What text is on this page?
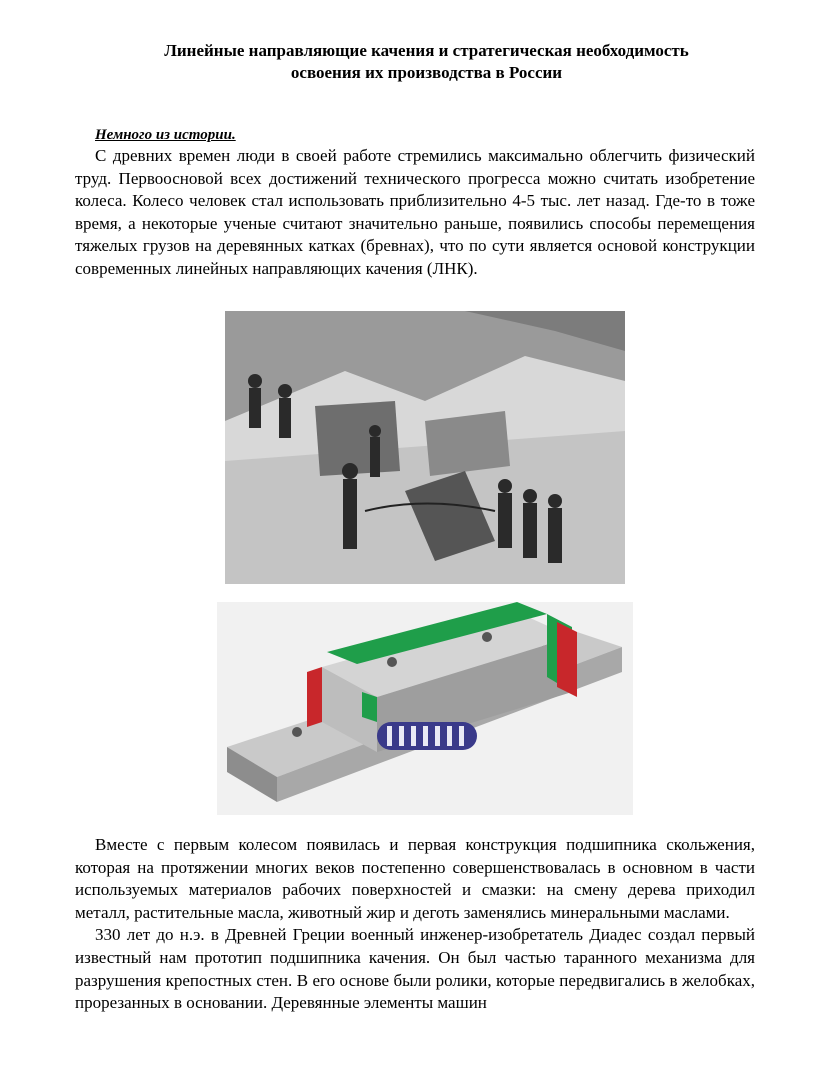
Линейные направляющие качения и стратегическая необходимость
освоения их производства в России
Немного из истории.

С древних времен люди в своей работе стремились максимально облегчить физический труд. Первоосновой всех достижений технического прогресса можно считать изобретение колеса. Колесо человек стал использовать приблизительно 4-5 тыс. лет назад. Где-то в тоже время, а некоторые ученые считают значительно раньше, появились способы перемещения тяжелых грузов на деревянных катках (бревнах), что по сути является основой конструкции современных линейных направляющих качения (ЛНК).

Вместе с первым колесом появилась и первая конструкция подшипника скольжения, которая на протяжении многих веков постепенно совершенствовалась в основном в части используемых материалов рабочих поверхностей и смазки: на смену дерева приходил металл, растительные масла, животный жир и деготь заменялись минеральными маслами.

330 лет до н.э. в Древней Греции военный инженер-изобретатель Диадес создал первый известный нам прототип подшипника качения. Он был частью таранного механизма для разрушения крепостных стен. В его основе были ролики, которые передвигались в желобках, прорезанных в основании. Деревянные элементы машин
